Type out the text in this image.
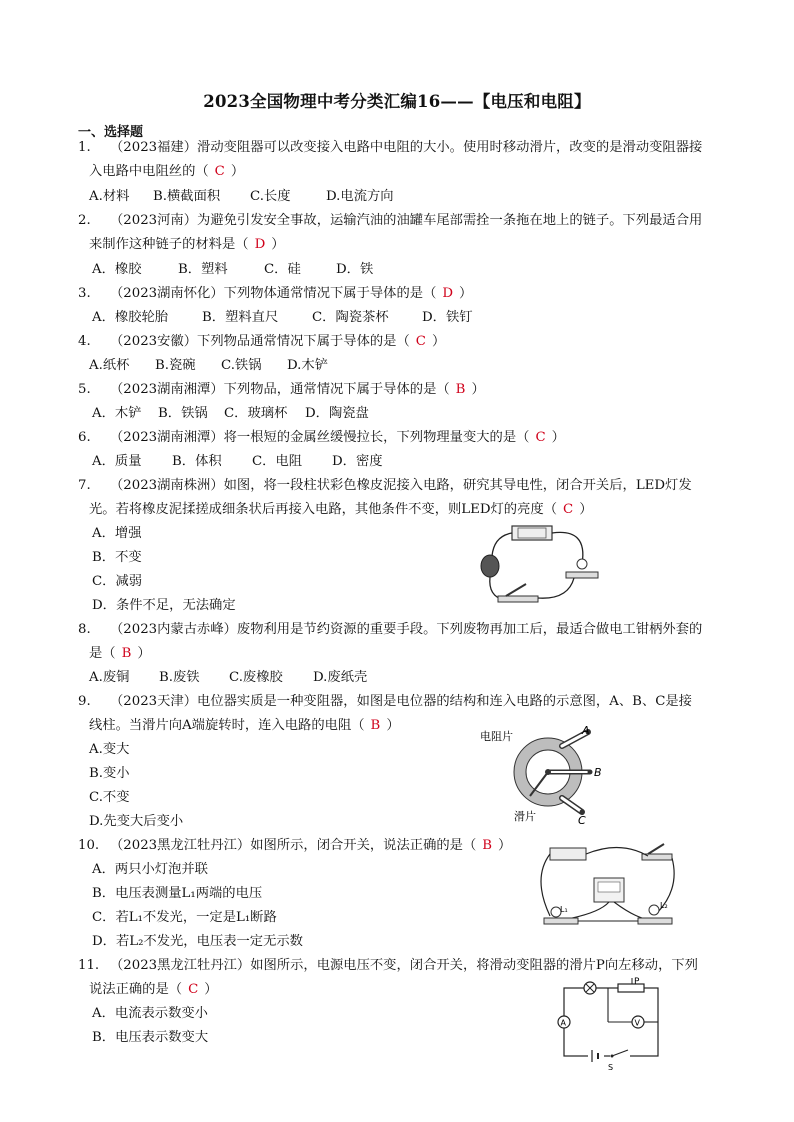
2023全国物理中考分类汇编16——【电压和电阻】
一、选择题
1. （2023福建）滑动变阻器可以改变接入电路中电阻的大小。使用时移动滑片，改变的是滑动变阻器接
入电路中电阻丝的（ C ）
A.材料 B.横截面积 C.长度	D.电流方向
2. （2023河南）为避免引发安全事故，运输汽油的油罐车尾部需拴一条拖在地上的链子。下列最适合用
来制作这种链子的材料是（ D ）
A．橡胶	B．塑料	C．硅	D．铁
3. （2023湖南怀化）下列物体通常情况下属于导体的是（ D ）
A．橡胶轮胎	B．塑料直尺	C．陶瓷茶杯	D．铁钉
4. （2023安徽）下列物品通常情况下属于导体的是（ C ）
A.纸杯 B.瓷碗 C.铁锅 D.木铲
5. （2023湖南湘潭）下列物品，通常情况下属于导体的是（ B ）
A．木铲 B．铁锅 C．玻璃杯 D．陶瓷盘
6. （2023湖南湘潭）将一根短的金属丝缓慢拉长，下列物理量变大的是（ C ）
A．质量 B．体积 C．电阻 D．密度
7. （2023湖南株洲）如图，将一段柱状彩色橡皮泥接入电路，研究其导电性，闭合开关后，LED灯发
光。若将橡皮泥揉搓成细条状后再接入电路，其他条件不变，则LED灯的亮度（ C ）
A．增强
B．不变
C．减弱
D．条件不足，无法确定
8. （2023内蒙古赤峰）废物利用是节约资源的重要手段。下列废物再加工后，最适合做电工钳柄外套的
是（ B ）
A.废铜 B.废铁 C.废橡胶 D.废纸壳
9. （2023天津）电位器实质是一种变阻器，如图是电位器的结构和连入电路的示意图，A、B、C是接
线柱。当滑片向A端旋转时，连入电路的电阻（ B ）
A.变大
B.变小
C.不变
D.先变大后变小
电阻片
滑片
A
B
C
10. （2023黑龙江牡丹江）如图所示，闭合开关，说法正确的是（ B ）
A．两只小灯泡并联
B．电压表测量L₁两端的电压
C．若L₁不发光，一定是L₁断路
D．若L₂不发光，电压表一定无示数
L₁	L₂
11. （2023黑龙江牡丹江）如图所示，电源电压不变，闭合开关，将滑动变阻器的滑片P向左移动，下列
说法正确的是（ C ）
A．电流表示数变小
B．电压表示数变大
P
V
A
S
